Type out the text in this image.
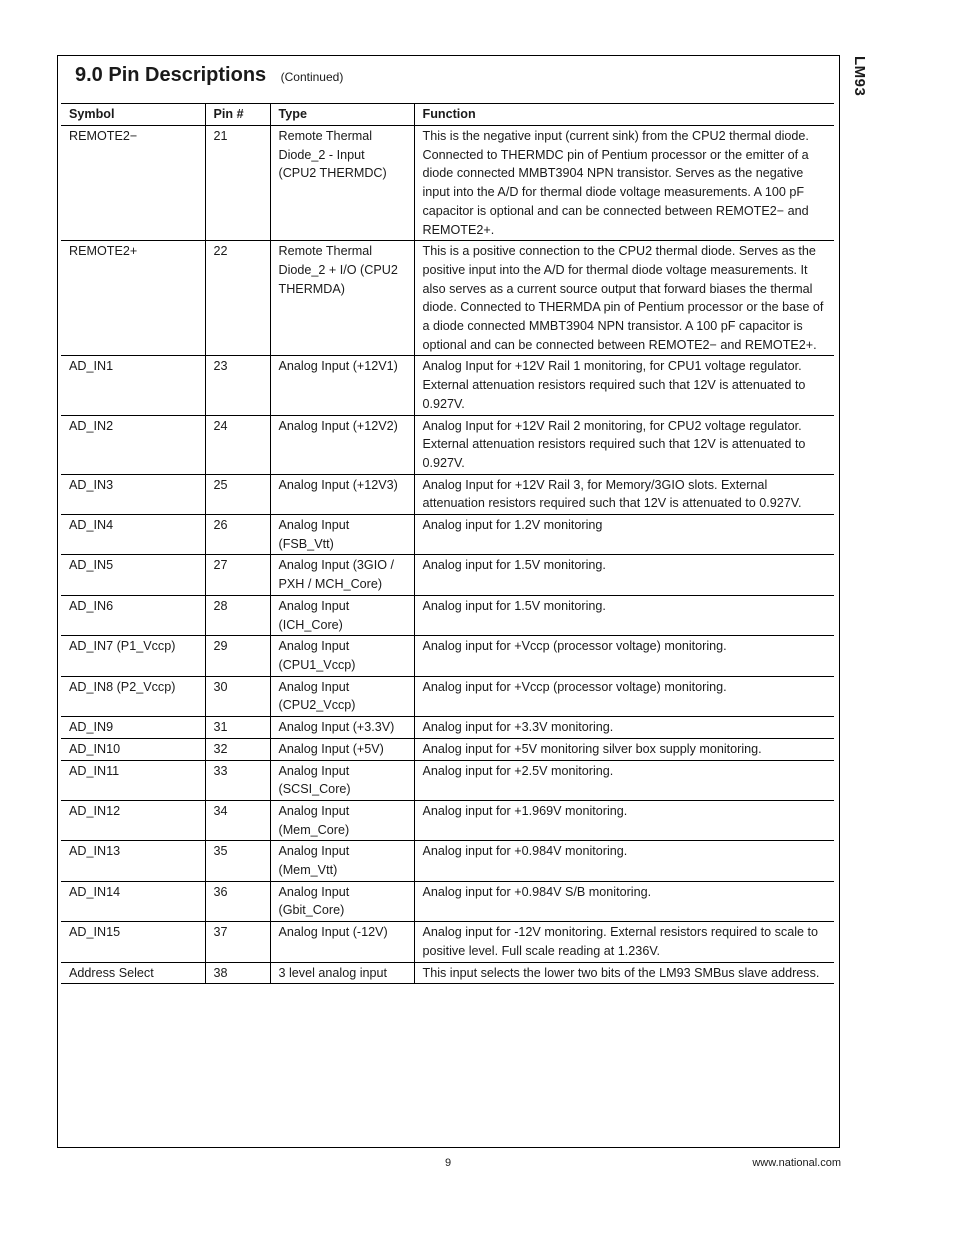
LM93
9.0 Pin Descriptions (Continued)
Symbol	Pin #	Type	Function
REMOTE2−	21	Remote Thermal Diode_2 - Input (CPU2 THERMDC)	This is the negative input (current sink) from the CPU2 thermal diode. Connected to THERMDC pin of Pentium processor or the emitter of a diode connected MMBT3904 NPN transistor. Serves as the negative input into the A/D for thermal diode voltage measurements. A 100 pF capacitor is optional and can be connected between REMOTE2− and REMOTE2+.
REMOTE2+	22	Remote Thermal Diode_2 + I/O (CPU2 THERMDA)	This is a positive connection to the CPU2 thermal diode. Serves as the positive input into the A/D for thermal diode voltage measurements. It also serves as a current source output that forward biases the thermal diode. Connected to THERMDA pin of Pentium processor or the base of a diode connected MMBT3904 NPN transistor. A 100 pF capacitor is optional and can be connected between REMOTE2− and REMOTE2+.
AD_IN1	23	Analog Input (+12V1)	Analog Input for +12V Rail 1 monitoring, for CPU1 voltage regulator. External attenuation resistors required such that 12V is attenuated to 0.927V.
AD_IN2	24	Analog Input (+12V2)	Analog Input for +12V Rail 2 monitoring, for CPU2 voltage regulator. External attenuation resistors required such that 12V is attenuated to 0.927V.
AD_IN3	25	Analog Input (+12V3)	Analog Input for +12V Rail 3, for Memory/3GIO slots. External attenuation resistors required such that 12V is attenuated to 0.927V.
AD_IN4	26	Analog Input (FSB_Vtt)	Analog input for 1.2V monitoring
AD_IN5	27	Analog Input (3GIO / PXH / MCH_Core)	Analog input for 1.5V monitoring.
AD_IN6	28	Analog Input (ICH_Core)	Analog input for 1.5V monitoring.
AD_IN7 (P1_Vccp)	29	Analog Input (CPU1_Vccp)	Analog input for +Vccp (processor voltage) monitoring.
AD_IN8 (P2_Vccp)	30	Analog Input (CPU2_Vccp)	Analog input for +Vccp (processor voltage) monitoring.
AD_IN9	31	Analog Input (+3.3V)	Analog input for +3.3V monitoring.
AD_IN10	32	Analog Input (+5V)	Analog input for +5V monitoring silver box supply monitoring.
AD_IN11	33	Analog Input (SCSI_Core)	Analog input for +2.5V monitoring.
AD_IN12	34	Analog Input (Mem_Core)	Analog input for +1.969V monitoring.
AD_IN13	35	Analog Input (Mem_Vtt)	Analog input for +0.984V monitoring.
AD_IN14	36	Analog Input (Gbit_Core)	Analog input for +0.984V S/B monitoring.
AD_IN15	37	Analog Input (-12V)	Analog input for -12V monitoring. External resistors required to scale to positive level. Full scale reading at 1.236V.
Address Select	38	3 level analog input	This input selects the lower two bits of the LM93 SMBus slave address.
9	www.national.com
